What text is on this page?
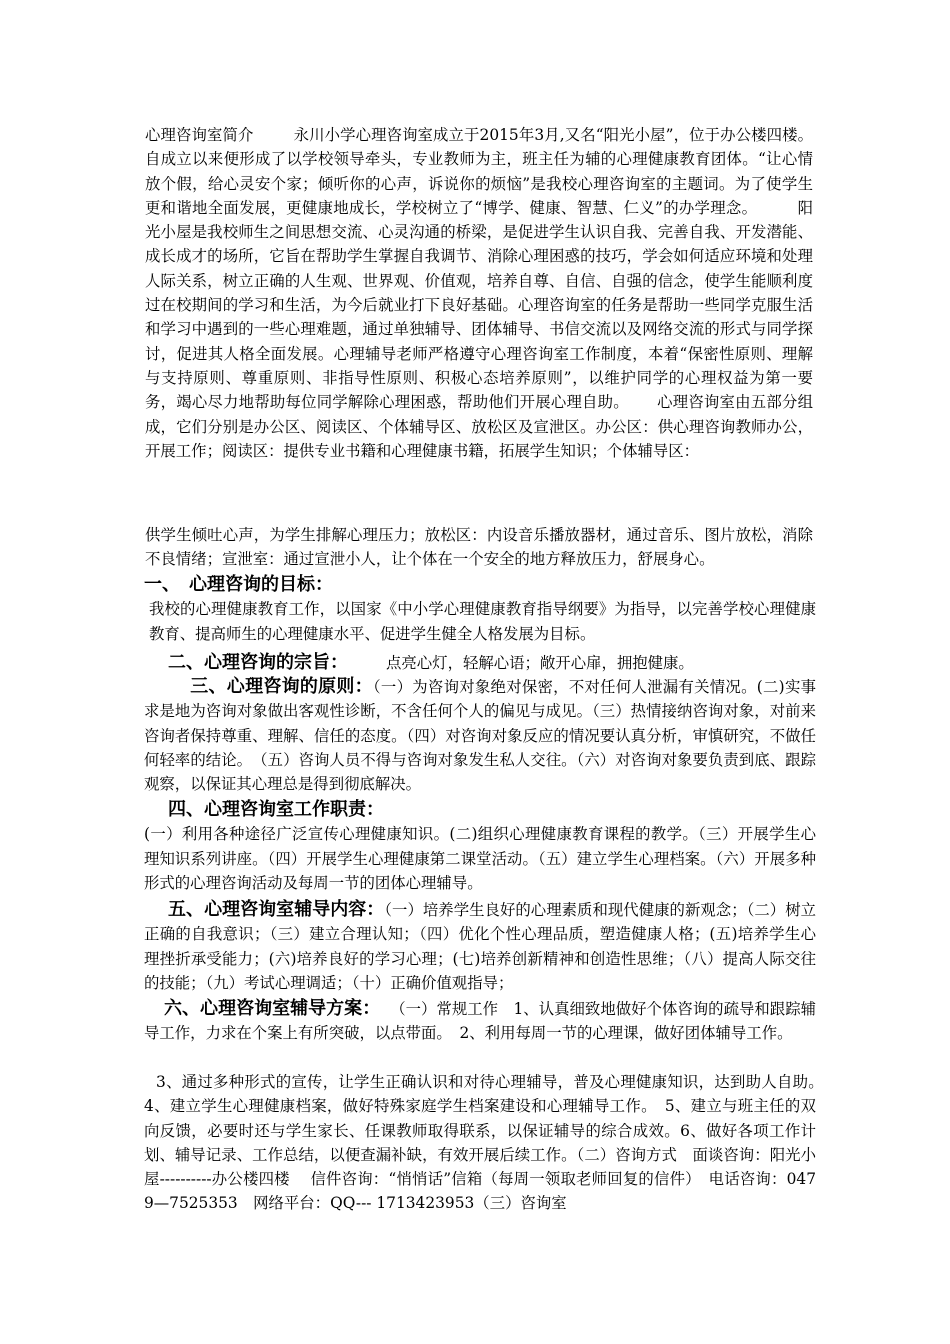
心理咨询室简介	永川小学心理咨询室成立于2015年3月,又名“阳光小屋”，位于办公楼四楼。自成立以来便形成了以学校领导牵头，专业教师为主，班主任为辅的心理健康教育团体。“让心情放个假，给心灵安个家；倾听你的心声，诉说你的烦恼”是我校心理咨询室的主题词。为了使学生更和谐地全面发展，更健康地成长，学校树立了“博学、健康、智慧、仁义”的办学理念。	阳光小屋是我校师生之间思想交流、心灵沟通的桥梁，是促进学生认识自我、完善自我、开发潜能、成长成才的场所，它旨在帮助学生掌握自我调节、消除心理困惑的技巧，学会如何适应环境和处理人际关系，树立正确的人生观、世界观、价值观，培养自尊、自信、自强的信念，使学生能顺利度过在校期间的学习和生活，为今后就业打下良好基础。心理咨询室的任务是帮助一些同学克服生活和学习中遇到的一些心理难题，通过单独辅导、团体辅导、书信交流以及网络交流的形式与同学探讨，促进其人格全面发展。心理辅导老师严格遵守心理咨询室工作制度，本着“保密性原则、理解与支持原则、尊重原则、非指导性原则、积极心态培养原则”，以维护同学的心理权益为第一要务，竭心尽力地帮助每位同学解除心理困惑，帮助他们开展心理自助。 心理咨询室由五部分组成，它们分别是办公区、阅读区、个体辅导区、放松区及宣泄区。办公区：供心理咨询教师办公，开展工作；阅读区：提供专业书籍和心理健康书籍，拓展学生知识；个体辅导区：
供学生倾吐心声，为学生排解心理压力；放松区：内设音乐播放器材，通过音乐、图片放松，消除不良情绪；宣泄室：通过宣泄小人，让个体在一个安全的地方释放压力，舒展身心。
一、　心理咨询的目标：
我校的心理健康教育工作，以国家《中小学心理健康教育指导纲要》为指导，以完善学校心理健康教育、提高师生的心理健康水平、促进学生健全人格发展为目标。
二、心理咨询的宗旨： 点亮心灯，轻解心语；敞开心扉，拥抱健康。
三、心理咨询的原则：（一）为咨询对象绝对保密，不对任何人泄漏有关情况。(二)实事求是地为咨询对象做出客观性诊断，不含任何个人的偏见与成见。（三）热情接纳咨询对象，对前来咨询者保持尊重、理解、信任的态度。（四）对咨询对象反应的情况要认真分析，审慎研究，不做任何轻率的结论。　（五）咨询人员不得与咨询对象发生私人交往。（六）对咨询对象要负责到底、跟踪观察，以保证其心理总是得到彻底解决。
四、心理咨询室工作职责：
(一）利用各种途径广泛宣传心理健康知识。(二)组织心理健康教育课程的教学。（三）开展学生心理知识系列讲座。（四）开展学生心理健康第二课堂活动。（五）建立学生心理档案。（六）开展多种形式的心理咨询活动及每周一节的团体心理辅导。
五、心理咨询室辅导内容：（一）培养学生良好的心理素质和现代健康的新观念；（二）树立正确的自我意识；（三）建立合理认知；（四）优化个性心理品质，塑造健康人格；(五)培养学生心理挫折承受能力；(六)培养良好的学习心理；(七)培养创新精神和创造性思维；（八）提高人际交往的技能；（九）考试心理调适；（十）正确价值观指导；
六、心理咨询室辅导方案： （一）常规工作　1、认真细致地做好个体咨询的疏导和跟踪辅导工作，力求在个案上有所突破，以点带面。　2、利用每周一节的心理课，做好团体辅导工作。
3、通过多种形式的宣传，让学生正确认识和对待心理辅导，普及心理健康知识，达到助人自助。　4、建立学生心理健康档案，做好特殊家庭学生档案建设和心理辅导工作。　5、建立与班主任的双向反馈，必要时还与学生家长、任课教师取得联系，以保证辅导的综合成效。6、做好各项工作计划、辅导记录、工作总结，以便查漏补缺，有效开展后续工作。（二）咨询方式　面谈咨询：阳光小屋----------办公楼四楼　 信件咨询：“悄悄话”信箱（每周一领取老师回复的信件）　电话咨询：0479—7525353　网络平台：QQ--- 1713423953（三）咨询室
